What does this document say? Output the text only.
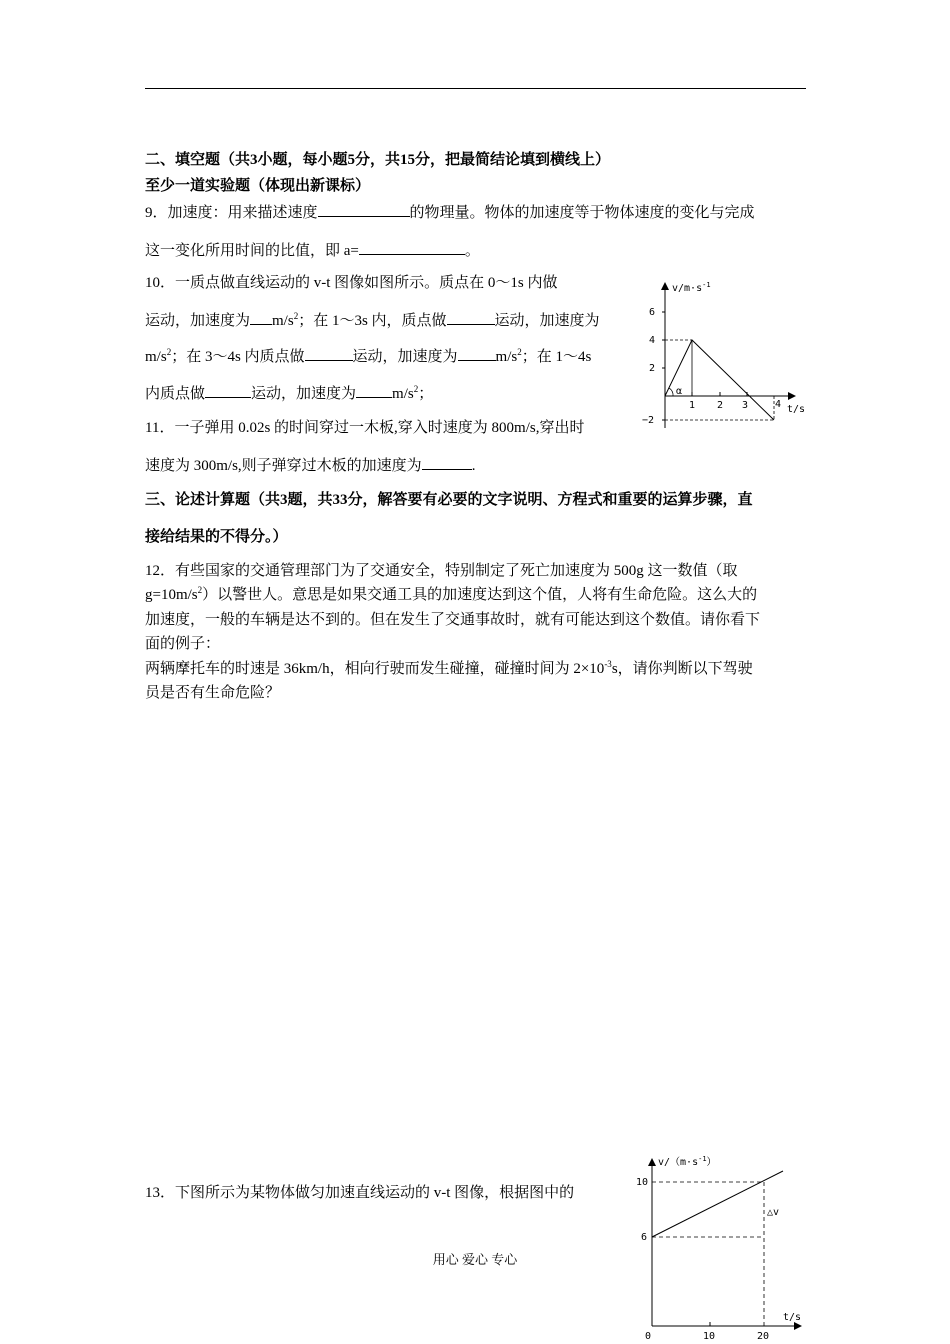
二、填空题（共3小题，每小题5分，共15分，把最简结论填到横线上）
至少一道实验题（体现出新课标）
9．加速度：用来描述速度	的物理量。物体的加速度等于物体速度的变化与完成
这一变化所用时间的比值，即 a=	。
10．一质点做直线运动的 v-t 图像如图所示。质点在 0～1s 内做
运动，加速度为 $m/s^2$；在 1～3s 内，质点做	运动，加速度为
$m/s^2$；在 3～4s 内质点做	运动，加速度为	$m/s^2$；在 1～4s
内质点做	运动，加速度为 $m/s^2$；
11．一子弹用 0.02s 的时间穿过一木板,穿入时速度为 800m/s,穿出时
速度为 300m/s,则子弹穿过木板的加速度为	.
三、论述计算题（共3题，共33分，解答要有必要的文字说明、方程式和重要的运算步骤，直
接给结果的不得分。）
12．有些国家的交通管理部门为了交通安全，特别制定了死亡加速度为 500g 这一数值（取
$g=10m/s^2$）以警世人。意思是如果交通工具的加速度达到这个值，人将有生命危险。这么大的
加速度，一般的车辆是达不到的。但在发生了交通事故时，就有可能达到这个数值。请你看下
面的例子：
两辆摩托车的时速是 36km/h，相向行驶而发生碰撞，碰撞时间为 $2\times 10^{-3}s$，请你判断以下驾驶
员是否有生命危险？
13．下图所示为某物体做匀加速直线运动的 v-t 图像，根据图中的
用心 爱心 专心
$v/m\cdot s^{-1}$
t/s
α
6
4
2
−2
1 2 3	4
$v/(m\cdot s^{-1})$
t/s
△v
10
6
0	10	20
